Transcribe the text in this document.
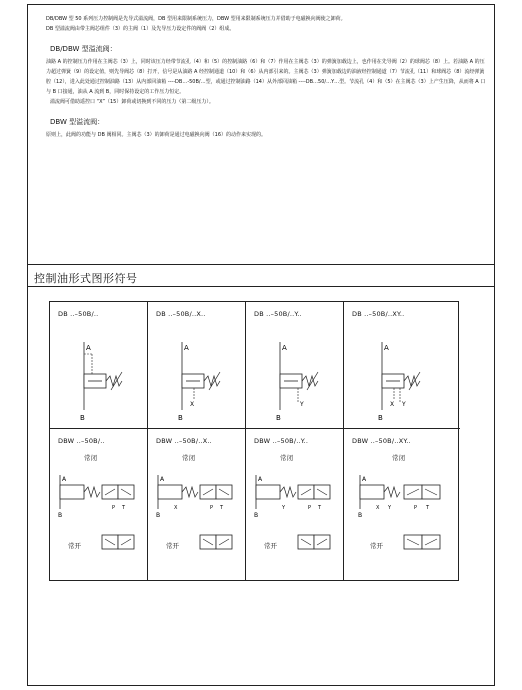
DB/DBW 型 50 系列压力控制阀是先导式溢流阀，DB 型用来限制系统压力，DBW 型用来限制系统压力并借助于电磁换向阀使之卸荷。
DB 型溢流阀由带主阀芯组件（3）的主阀（1）及先导压力设定件的阀阀（2）组成。
DB/DBW 型溢流阀：
油路 A 的控制压力作用在主阀芯（3）上，同时该压力经带节流孔（4）和（5）的控制油路（6）和（7）作用在主阀芯（3）的弹簧加载边上，也作用在先导阀（2）的球阀芯（8）上。若油路 A 的压力超过弹簧（9）的设定值，则先导阀芯（8）打开，信号是从油路 A 经控制通道（10）和（6）从内部引来的。主阀芯（3）弹簧加载边的油液经控制通道（7）节流孔（11）和球阀芯（8）流经弹簧腔（12），进入此处通过控制油路（13）从内部回油箱 ----DB…-50B/…型，或通过控制油路（14）从外部回油箱 ----DB…50/…Y…型。节流孔（4）和（5）在主阀芯（3）上产生压降，从而将 A 口与 B 口接通，油从 A 流到 B，同时保持设定的工作压力恒定。
溢流阀可借助遥控口 “X”（15）卸荷或切换到不同的压力（第二级压力）。
DBW 型溢流阀：
原则上，此阀的功能与 DB 阀相同。主阀芯（3）的卸荷是通过电磁换向阀（16）的动作来实现的。
控制油形式图形符号
DB ..–50B/..
A
B
DB ..–50B/..X..
A
B
X
DB ..–50B/..Y..
A
B
Y
DB ..–50B/..XY..
A
B
X Y
DBW ..–50B/..
常闭
A
B
P T
常开
DBW ..–50B/..X..
常闭
A
B
X	P T
常开
DBW ..–50B/..Y..
常闭
A
B
Y	P T
常开
DBW ..–50B/..XY..
常闭
A
B
X Y	P T
常开
